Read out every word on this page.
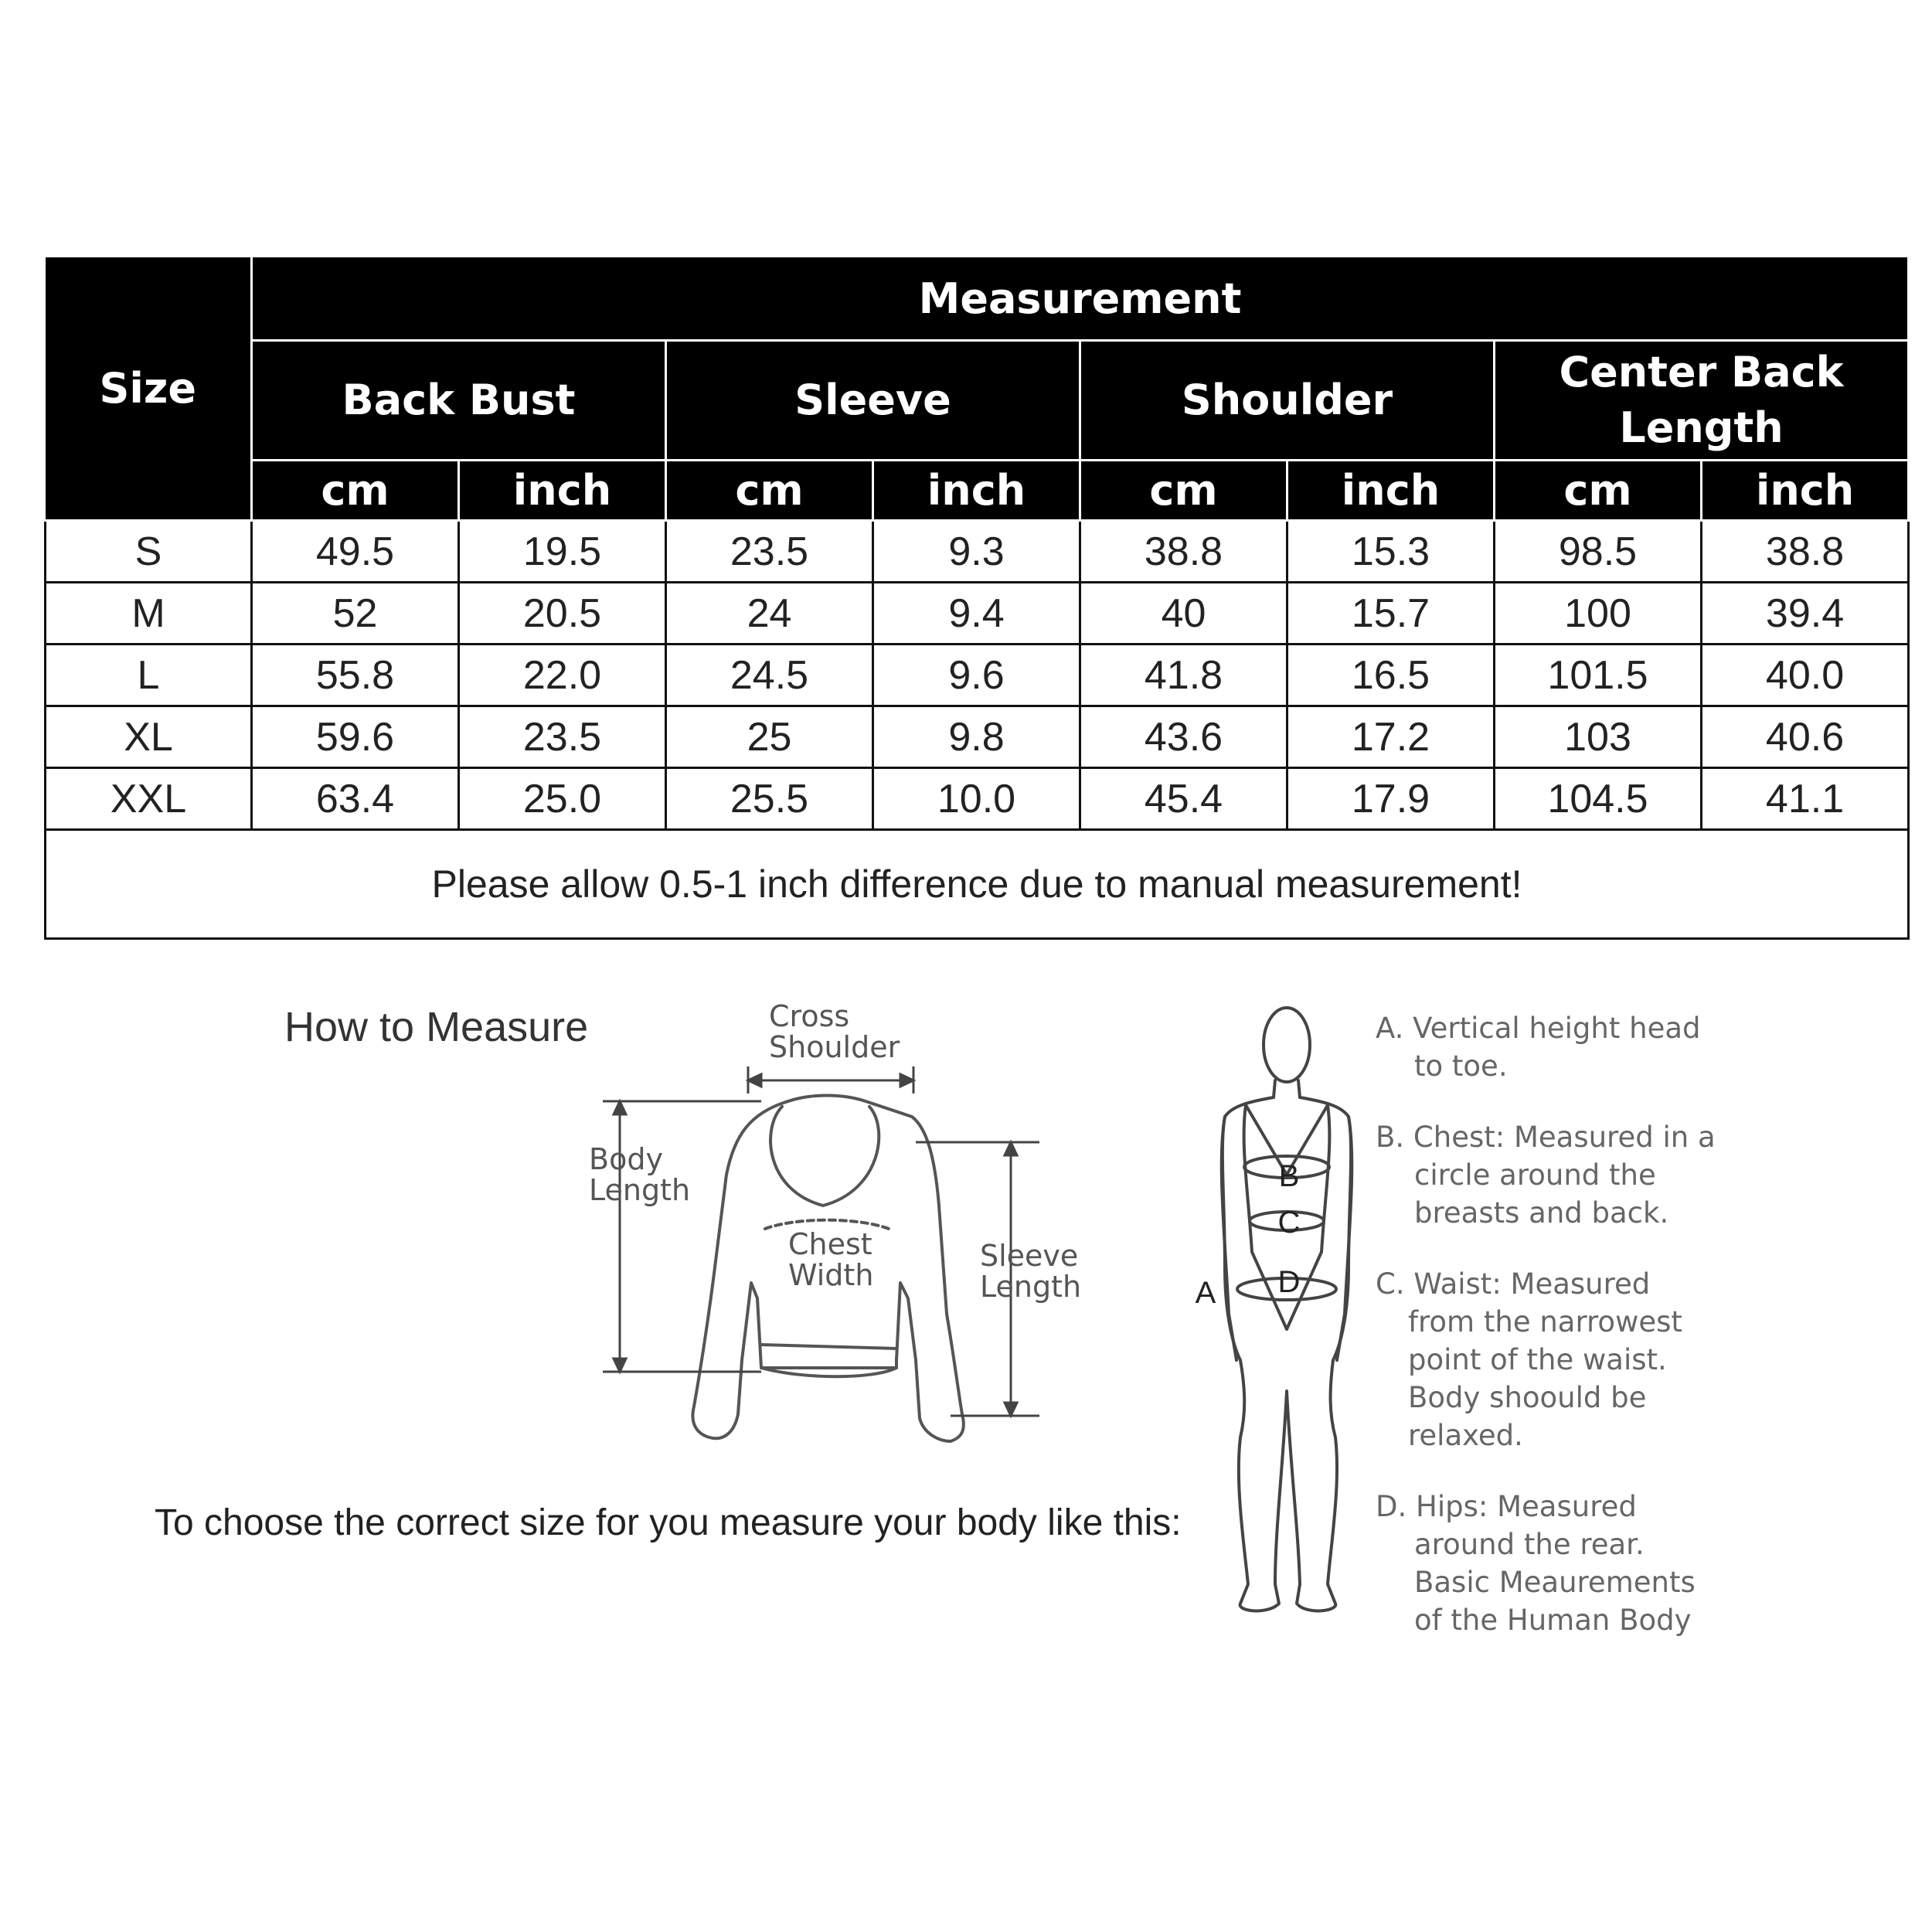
Size	Measurement							
	Back Bust		Sleeve		Shoulder		Center Back Length	
	cm	inch	cm	inch	cm	inch	cm	inch
S	49.5	19.5	23.5	9.3	38.8	15.3	98.5	38.8
M	52	20.5	24	9.4	40	15.7	100	39.4
L	55.8	22.0	24.5	9.6	41.8	16.5	101.5	40.0
XL	59.6	23.5	25	9.8	43.6	17.2	103	40.6
XXL	63.4	25.0	25.5	10.0	45.4	17.9	104.5	41.1
Please allow 0.5-1 inch difference due to manual measurement!								
How to Measure
To choose the correct size for you measure your body like this:
Cross
Shoulder
Body
Length
Chest
Width
Sleeve
Length
B
C
D
A

A. Vertical height head

to toe.

B. Chest: Measured in a

circle around the

breasts and back.

C. Waist: Measured

from the narrowest

point of the waist.

Body shoould be

relaxed.

D. Hips: Measured

around the rear.

Basic Meaurements

of the Human Body
